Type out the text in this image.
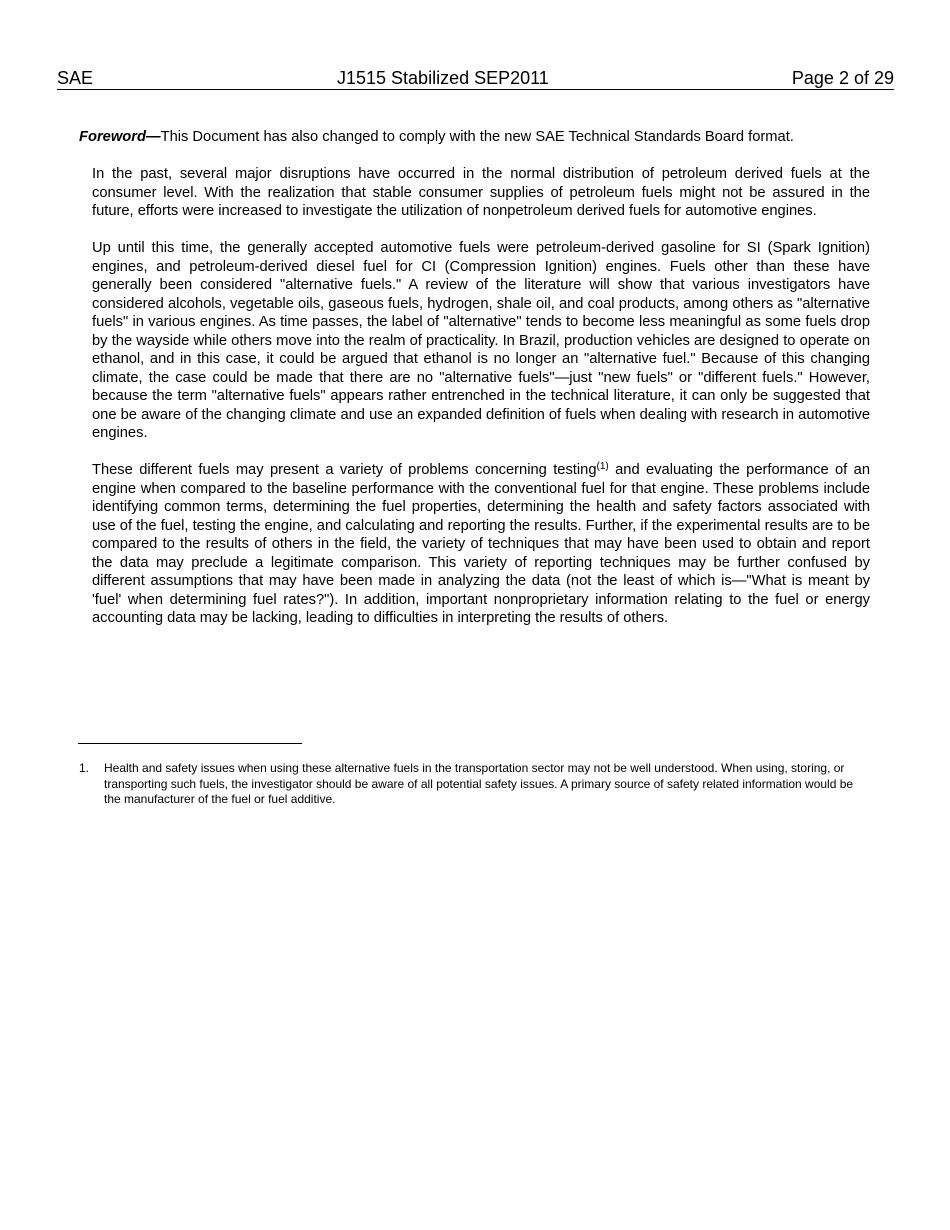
SAE	J1515 Stabilized SEP2011	Page 2 of 29
Foreword—This Document has also changed to comply with the new SAE Technical Standards Board format.

In the past, several major disruptions have occurred in the normal distribution of petroleum derived fuels at the consumer level. With the realization that stable consumer supplies of petroleum fuels might not be assured in the future, efforts were increased to investigate the utilization of nonpetroleum derived fuels for automotive engines.

Up until this time, the generally accepted automotive fuels were petroleum-derived gasoline for SI (Spark Ignition) engines, and petroleum-derived diesel fuel for CI (Compression Ignition) engines. Fuels other than these have generally been considered "alternative fuels." A review of the literature will show that various investigators have considered alcohols, vegetable oils, gaseous fuels, hydrogen, shale oil, and coal products, among others as "alternative fuels" in various engines. As time passes, the label of "alternative" tends to become less meaningful as some fuels drop by the wayside while others move into the realm of practicality. In Brazil, production vehicles are designed to operate on ethanol, and in this case, it could be argued that ethanol is no longer an "alternative fuel." Because of this changing climate, the case could be made that there are no "alternative fuels"—just "new fuels" or "different fuels." However, because the term "alternative fuels" appears rather entrenched in the technical literature, it can only be suggested that one be aware of the changing climate and use an expanded definition of fuels when dealing with research in automotive engines.

These different fuels may present a variety of problems concerning testing$^{(1)}$ and evaluating the performance of an engine when compared to the baseline performance with the conventional fuel for that engine. These problems include identifying common terms, determining the fuel properties, determining the health and safety factors associated with use of the fuel, testing the engine, and calculating and reporting the results. Further, if the experimental results are to be compared to the results of others in the field, the variety of techniques that may have been used to obtain and report the data may preclude a legitimate comparison. This variety of reporting techniques may be further confused by different assumptions that may have been made in analyzing the data (not the least of which is—"What is meant by 'fuel' when determining fuel rates?"). In addition, important nonproprietary information relating to the fuel or energy accounting data may be lacking, leading to difficulties in interpreting the results of others.

1. Health and safety issues when using these alternative fuels in the transportation sector may not be well understood. When using, storing, or transporting such fuels, the investigator should be aware of all potential safety issues. A primary source of safety related information would be the manufacturer of the fuel or fuel additive.
